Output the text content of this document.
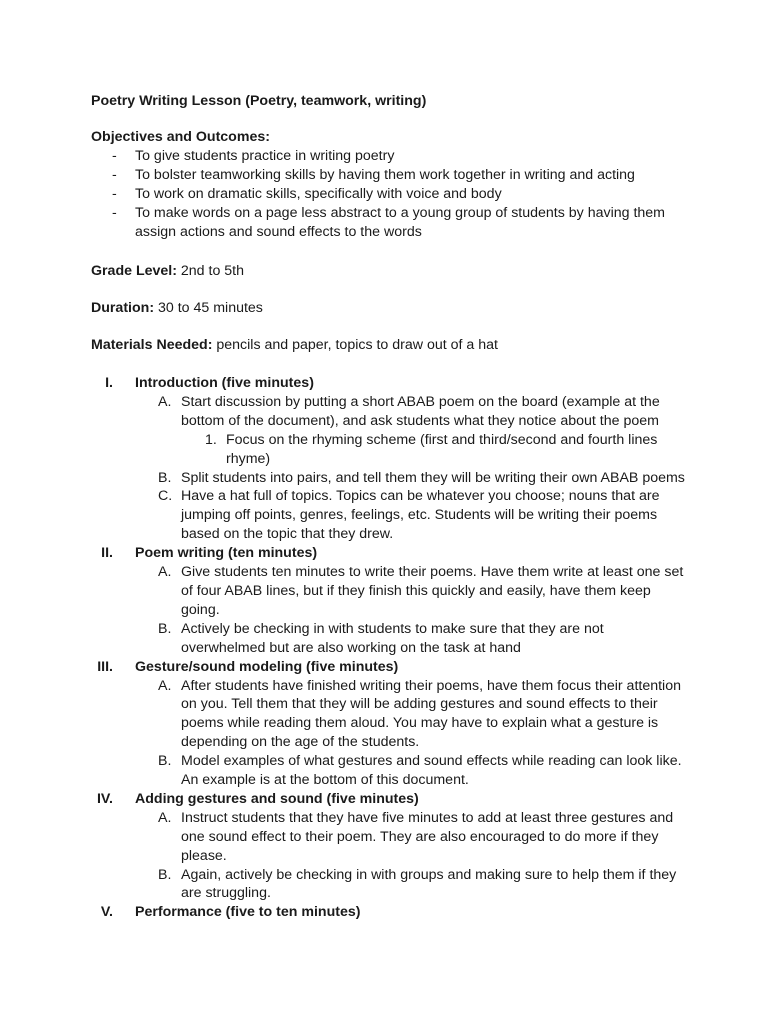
Poetry Writing Lesson (Poetry, teamwork, writing)
Objectives and Outcomes:
- To give students practice in writing poetry
- To bolster teamworking skills by having them work together in writing and acting
- To work on dramatic skills, specifically with voice and body
- To make words on a page less abstract to a young group of students by having them assign actions and sound effects to the words
Grade Level: 2nd to 5th
Duration: 30 to 45 minutes
Materials Needed: pencils and paper, topics to draw out of a hat
I. Introduction (five minutes)
A. Start discussion by putting a short ABAB poem on the board (example at the bottom of the document), and ask students what they notice about the poem
1. Focus on the rhyming scheme (first and third/second and fourth lines rhyme)
B. Split students into pairs, and tell them they will be writing their own ABAB poems
C. Have a hat full of topics. Topics can be whatever you choose; nouns that are jumping off points, genres, feelings, etc. Students will be writing their poems based on the topic that they drew.
II. Poem writing (ten minutes)
A. Give students ten minutes to write their poems. Have them write at least one set of four ABAB lines, but if they finish this quickly and easily, have them keep going.
B. Actively be checking in with students to make sure that they are not overwhelmed but are also working on the task at hand
III. Gesture/sound modeling (five minutes)
A. After students have finished writing their poems, have them focus their attention on you. Tell them that they will be adding gestures and sound effects to their poems while reading them aloud. You may have to explain what a gesture is depending on the age of the students.
B. Model examples of what gestures and sound effects while reading can look like. An example is at the bottom of this document.
IV. Adding gestures and sound (five minutes)
A. Instruct students that they have five minutes to add at least three gestures and one sound effect to their poem. They are also encouraged to do more if they please.
B. Again, actively be checking in with groups and making sure to help them if they are struggling.
V. Performance (five to ten minutes)
